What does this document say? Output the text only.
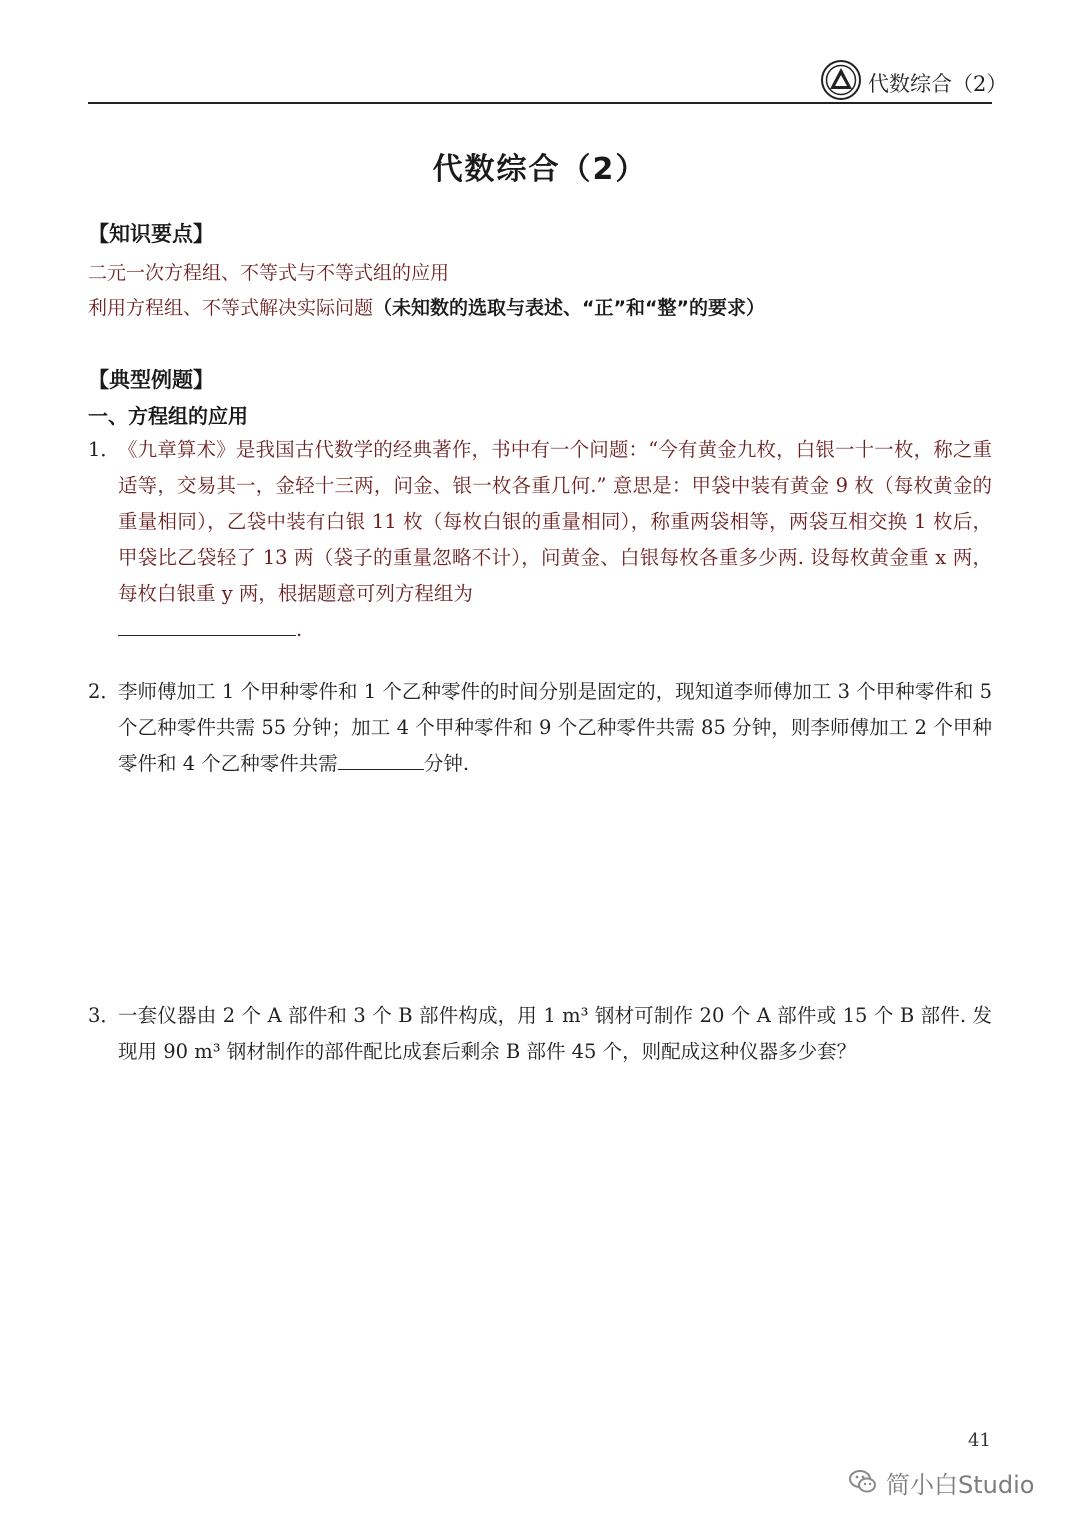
代数综合（2）
代数综合（2）
【知识要点】
二元一次方程组、不等式与不等式组的应用
利用方程组、不等式解决实际问题（未知数的选取与表述、“正”和“整”的要求）
【典型例题】
一、方程组的应用
1．
《九章算术》是我国古代数学的经典著作，书中有一个问题：“今有黄金九枚，白银一十一枚，称之重适等，交易其一，金轻十三两，问金、银一枚各重几何.” 意思是：甲袋中装有黄金 9 枚（每枚黄金的重量相同），乙袋中装有白银 11 枚（每枚白银的重量相同），称重两袋相等，两袋互相交换 1 枚后，甲袋比乙袋轻了 13 两（袋子的重量忽略不计），问黄金、白银每枚各重多少两. 设每枚黄金重 x 两，每枚白银重 y 两，根据题意可列方程组为
.
2．
李师傅加工 1 个甲种零件和 1 个乙种零件的时间分别是固定的，现知道李师傅加工 3 个甲种零件和 5 个乙种零件共需 55 分钟；加工 4 个甲种零件和 9 个乙种零件共需 85 分钟，则李师傅加工 2 个甲种零件和 4 个乙种零件共需	分钟.
3．
一套仪器由 2 个 A 部件和 3 个 B 部件构成，用 1 m³ 钢材可制作 20 个 A 部件或 15 个 B 部件. 发现用 90 m³ 钢材制作的部件配比成套后剩余 B 部件 45 个，则配成这种仪器多少套？
41
简小白Studio
